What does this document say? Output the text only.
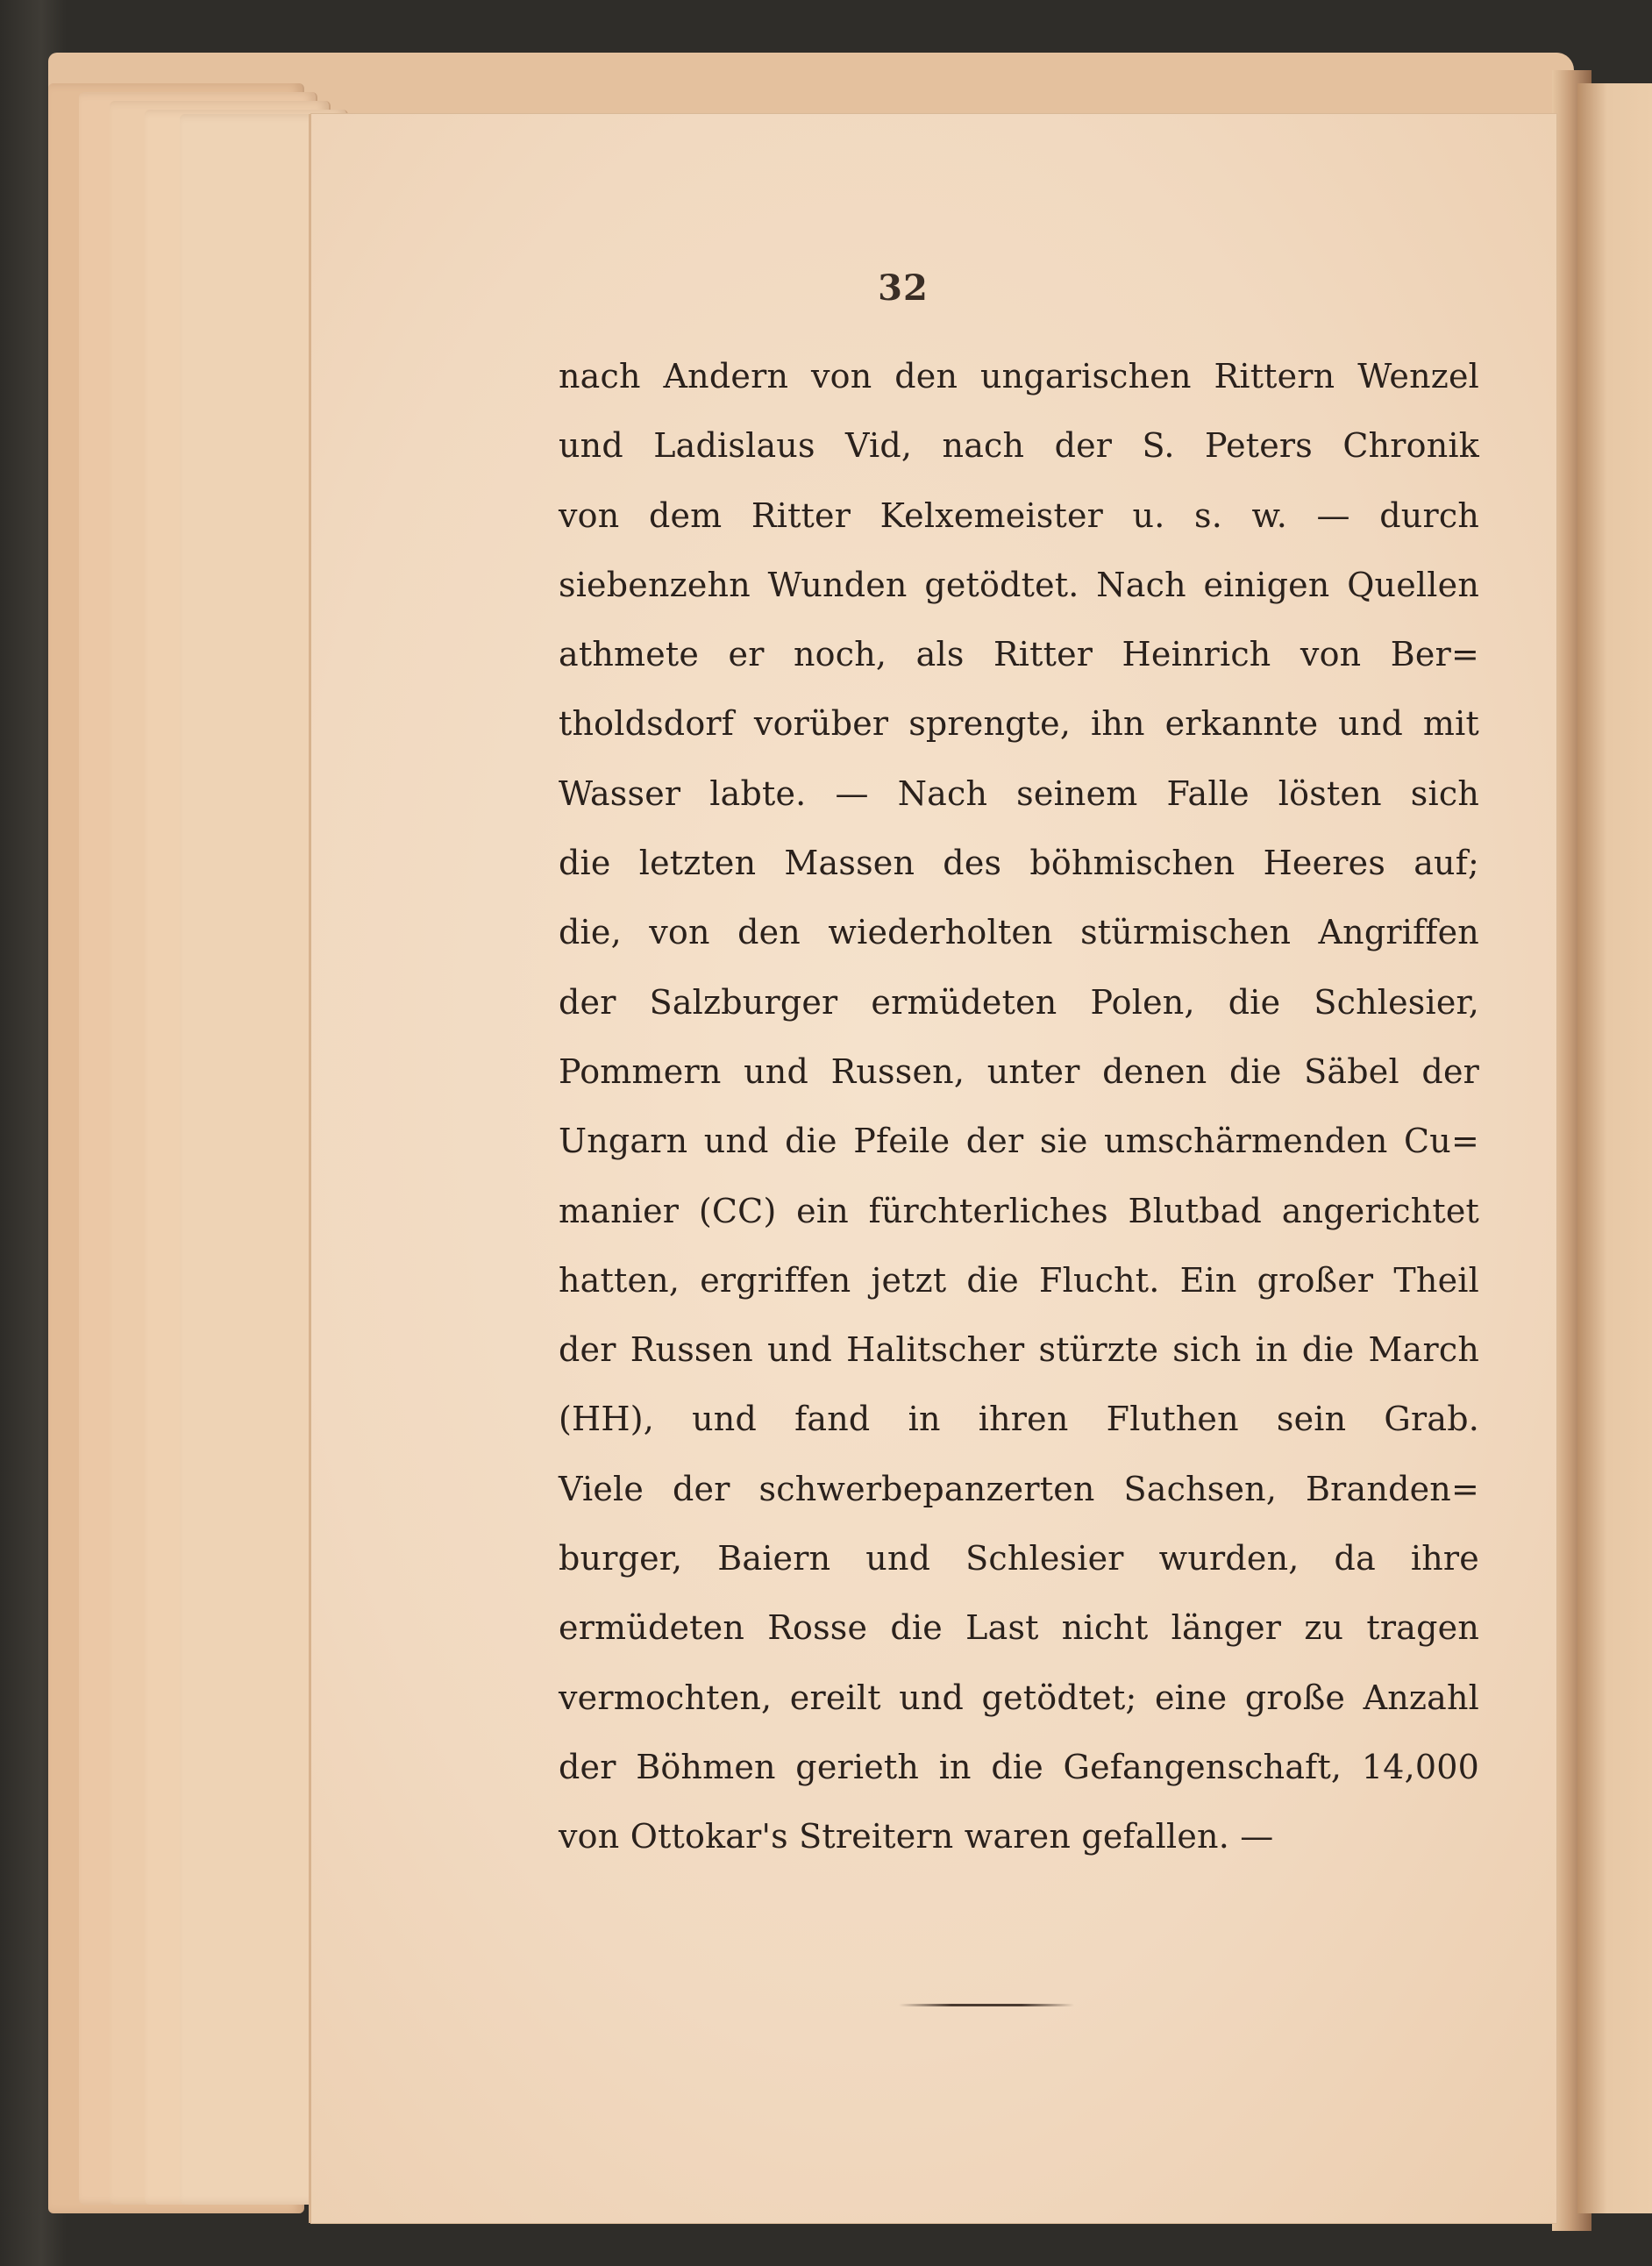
32
nach Andern von den ungarischen Rittern Wenzel
und Ladislaus Vid, nach der S. Peters Chronik
von dem Ritter Kelxemeister u. s. w. — durch
siebenzehn Wunden getödtet. Nach einigen Quellen
athmete er noch, als Ritter Heinrich von Ber=
tholdsdorf vorüber sprengte, ihn erkannte und mit
Wasser labte. — Nach seinem Falle lösten sich
die letzten Massen des böhmischen Heeres auf;
die, von den wiederholten stürmischen Angriffen
der Salzburger ermüdeten Polen, die Schlesier,
Pommern und Russen, unter denen die Säbel der
Ungarn und die Pfeile der sie umschärmenden Cu=
manier (CC) ein fürchterliches Blutbad angerichtet
hatten, ergriffen jetzt die Flucht. Ein großer Theil
der Russen und Halitscher stürzte sich in die March
(HH), und fand in ihren Fluthen sein Grab.
Viele der schwerbepanzerten Sachsen, Branden=
burger, Baiern und Schlesier wurden, da ihre
ermüdeten Rosse die Last nicht länger zu tragen
vermochten, ereilt und getödtet; eine große Anzahl
der Böhmen gerieth in die Gefangenschaft, 14,000
von Ottokar's Streitern waren gefallen. —
